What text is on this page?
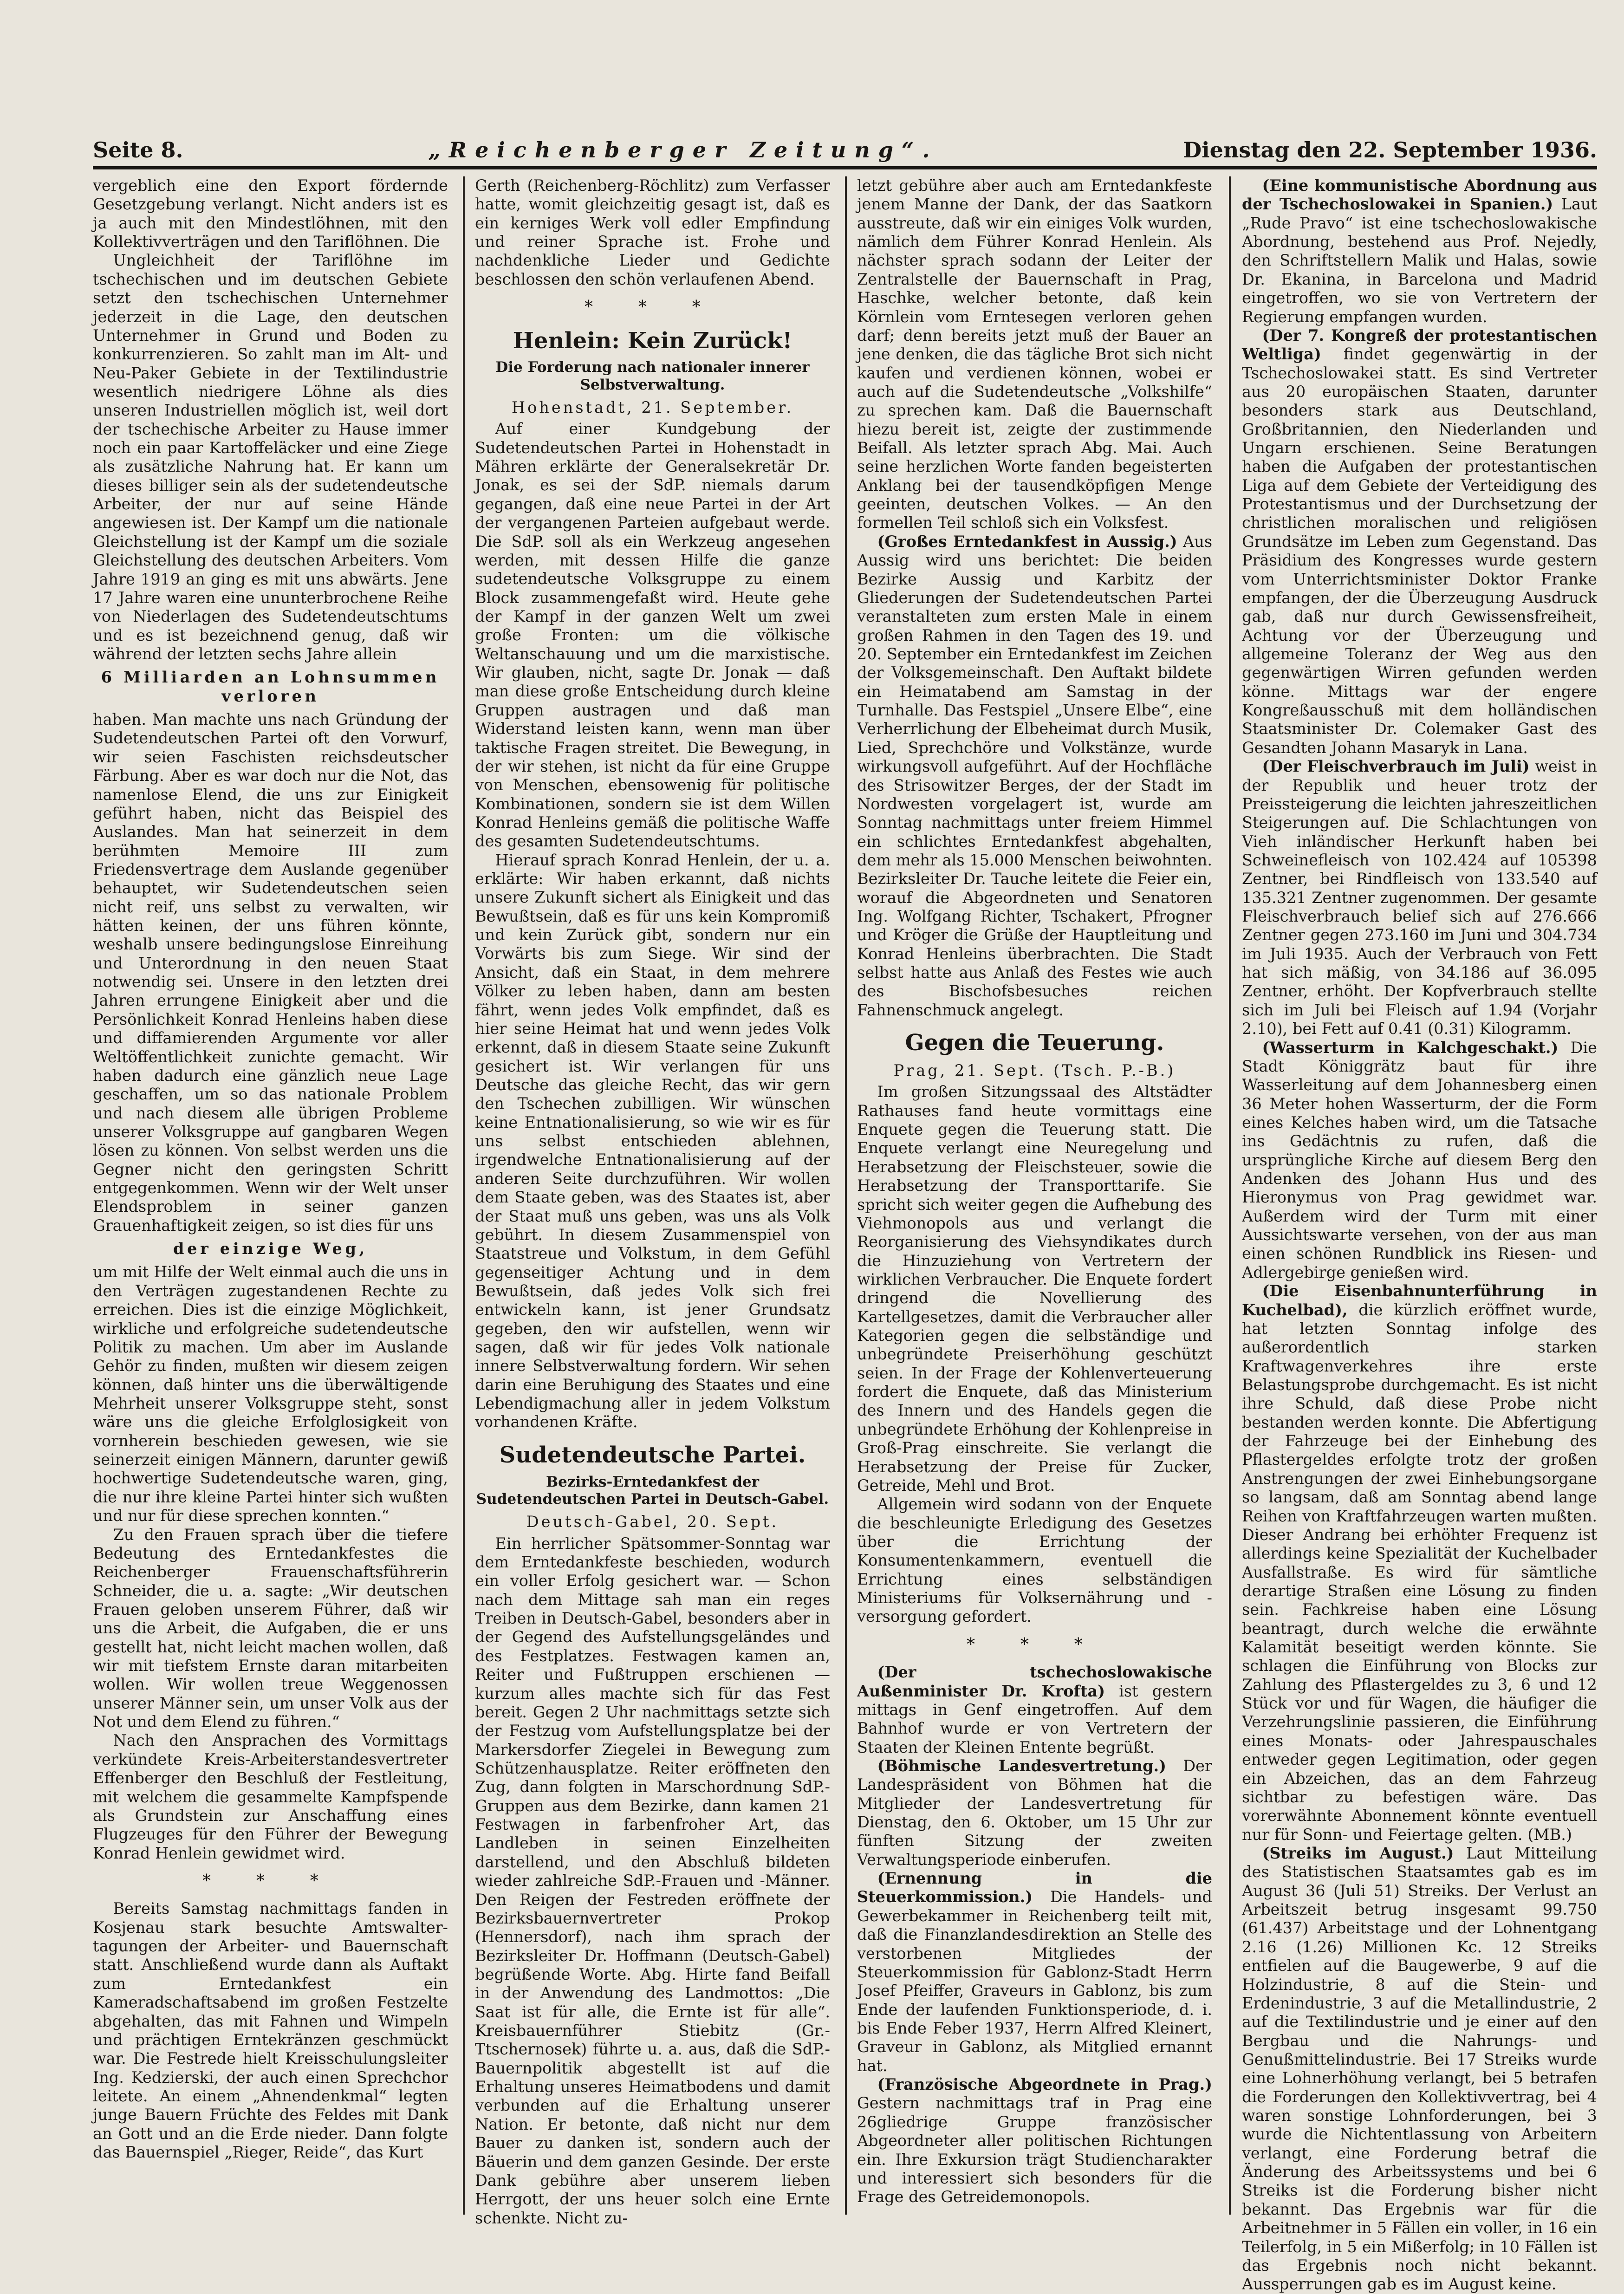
Seite 8.	„Reichenberger Zeitung“.	Dienstag den 22. September 1936.

vergeblich eine den Export fördernde Gesetzgebung verlangt. Nicht anders ist es ja auch mit den Mindestlöhnen, mit den Kollektivverträgen und den Tariflöhnen. Die

Ungleichheit der Tariflöhne im tschechischen und im deutschen Gebiete setzt den tschechischen Unternehmer jederzeit in die Lage, den deutschen Unternehmer in Grund und Boden zu konkurrenzieren. So zahlt man im Alt- und Neu-Paker Gebiete in der Textilindustrie wesentlich niedrigere Löhne als dies unseren Industriellen möglich ist, weil dort der tschechische Arbeiter zu Hause immer noch ein paar Kartoffeläcker und eine Ziege als zusätzliche Nahrung hat. Er kann um dieses billiger sein als der sudetendeutsche Arbeiter, der nur auf seine Hände angewiesen ist. Der Kampf um die nationale Gleichstellung ist der Kampf um die soziale Gleichstellung des deutschen Arbeiters. Vom Jahre 1919 an ging es mit uns abwärts. Jene 17 Jahre waren eine ununterbrochene Reihe von Niederlagen des Sudetendeutschtums und es ist bezeichnend genug, daß wir während der letzten sechs Jahre allein

6 Milliarden an Lohnsummen verloren

haben. Man machte uns nach Gründung der Sudetendeutschen Partei oft den Vorwurf, wir seien Faschisten reichsdeutscher Färbung. Aber es war doch nur die Not, das namenlose Elend, die uns zur Einigkeit geführt haben, nicht das Beispiel des Auslandes. Man hat seinerzeit in dem berühmten Memoire III zum Friedensvertrage dem Auslande gegenüber behauptet, wir Sudetendeutschen seien nicht reif, uns selbst zu verwalten, wir hätten keinen, der uns führen könnte, weshalb unsere bedingungslose Einreihung und Unterordnung in den neuen Staat notwendig sei. Unsere in den letzten drei Jahren errungene Einigkeit aber und die Persönlichkeit Konrad Henleins haben diese und diffamierenden Argumente vor aller Weltöffentlichkeit zunichte gemacht. Wir haben dadurch eine gänzlich neue Lage geschaffen, um so das nationale Problem und nach diesem alle übrigen Probleme unserer Volksgruppe auf gangbaren Wegen lösen zu können. Von selbst werden uns die Gegner nicht den geringsten Schritt entgegenkommen. Wenn wir der Welt unser Elendsproblem in seiner ganzen Grauenhaftigkeit zeigen, so ist dies für uns

der einzige Weg,

um mit Hilfe der Welt einmal auch die uns in den Verträgen zugestandenen Rechte zu erreichen. Dies ist die einzige Möglichkeit, wirkliche und erfolgreiche sudetendeutsche Politik zu machen. Um aber im Auslande Gehör zu finden, mußten wir diesem zeigen können, daß hinter uns die überwältigende Mehrheit unserer Volksgruppe steht, sonst wäre uns die gleiche Erfolglosigkeit von vornherein beschieden gewesen, wie sie seinerzeit einigen Männern, darunter gewiß hochwertige Sudetendeutsche waren, ging, die nur ihre kleine Partei hinter sich wußten und nur für diese sprechen konnten.“

Zu den Frauen sprach über die tiefere Bedeutung des Erntedankfestes die Reichenberger Frauenschaftsführerin Schneider, die u. a. sagte: „Wir deutschen Frauen geloben unserem Führer, daß wir uns die Arbeit, die Aufgaben, die er uns gestellt hat, nicht leicht machen wollen, daß wir mit tiefstem Ernste daran mitarbeiten wollen. Wir wollen treue Weggenossen unserer Männer sein, um unser Volk aus der Not und dem Elend zu führen.“

Nach den Ansprachen des Vormittags verkündete Kreis-Arbeiterstandesvertreter Effenberger den Beschluß der Festleitung, mit welchem die gesammelte Kampfspende als Grundstein zur Anschaffung eines Flugzeuges für den Führer der Bewegung Konrad Henlein gewidmet wird.

* * *

Bereits Samstag nachmittags fanden in Kosjenau stark besuchte Amtswalter-tagungen der Arbeiter- und Bauernschaft statt. Anschließend wurde dann als Auftakt zum Erntedankfest ein Kameradschaftsabend im großen Festzelte abgehalten, das mit Fahnen und Wimpeln und prächtigen Erntekränzen geschmückt war. Die Festrede hielt Kreisschulungsleiter Ing. Kedzierski, der auch einen Sprechchor leitete. An einem „Ahnendenkmal“ legten junge Bauern Früchte des Feldes mit Dank an Gott und an die Erde nieder. Dann folgte das Bauernspiel „Rieger, Reide“, das Kurt

Gerth (Reichenberg-Röchlitz) zum Verfasser hatte, womit gleichzeitig gesagt ist, daß es ein kerniges Werk voll edler Empfindung und reiner Sprache ist. Frohe und nachdenkliche Lieder und Gedichte beschlossen den schön verlaufenen Abend.

* * *

Henlein: Kein Zurück!

Die Forderung nach nationaler innerer Selbstverwaltung.

Hohenstadt, 21. September.

Auf einer Kundgebung der Sudetendeutschen Partei in Hohenstadt in Mähren erklärte der Generalsekretär Dr. Jonak, es sei der SdP. niemals darum gegangen, daß eine neue Partei in der Art der vergangenen Parteien aufgebaut werde. Die SdP. soll als ein Werkzeug angesehen werden, mit dessen Hilfe die ganze sudetendeutsche Volksgruppe zu einem Block zusammengefaßt wird. Heute gehe der Kampf in der ganzen Welt um zwei große Fronten: um die völkische Weltanschauung und um die marxistische. Wir glauben, nicht, sagte Dr. Jonak — daß man diese große Entscheidung durch kleine Gruppen austragen und daß man Widerstand leisten kann, wenn man über taktische Fragen streitet. Die Bewegung, in der wir stehen, ist nicht da für eine Gruppe von Menschen, ebensowenig für politische Kombinationen, sondern sie ist dem Willen Konrad Henleins gemäß die politische Waffe des gesamten Sudetendeutschtums.

Hierauf sprach Konrad Henlein, der u. a. erklärte: Wir haben erkannt, daß nichts unsere Zukunft sichert als Einigkeit und das Bewußtsein, daß es für uns kein Kompromiß und kein Zurück gibt, sondern nur ein Vorwärts bis zum Siege. Wir sind der Ansicht, daß ein Staat, in dem mehrere Völker zu leben haben, dann am besten fährt, wenn jedes Volk empfindet, daß es hier seine Heimat hat und wenn jedes Volk erkennt, daß in diesem Staate seine Zukunft gesichert ist. Wir verlangen für uns Deutsche das gleiche Recht, das wir gern den Tschechen zubilligen. Wir wünschen keine Entnationalisierung, so wie wir es für uns selbst entschieden ablehnen, irgendwelche Entnationalisierung auf der anderen Seite durchzuführen. Wir wollen dem Staate geben, was des Staates ist, aber der Staat muß uns geben, was uns als Volk gebührt. In diesem Zusammenspiel von Staatstreue und Volkstum, in dem Gefühl gegenseitiger Achtung und in dem Bewußtsein, daß jedes Volk sich frei entwickeln kann, ist jener Grundsatz gegeben, den wir aufstellen, wenn wir sagen, daß wir für jedes Volk nationale innere Selbstverwaltung fordern. Wir sehen darin eine Beruhigung des Staates und eine Lebendigmachung aller in jedem Volkstum vorhandenen Kräfte.

Sudetendeutsche Partei.

Bezirks-Erntedankfest der Sudetendeutschen Partei in Deutsch-Gabel.

Deutsch-Gabel, 20. Sept.

Ein herrlicher Spätsommer-Sonntag war dem Erntedankfeste beschieden, wodurch ein voller Erfolg gesichert war. — Schon nach dem Mittage sah man ein reges Treiben in Deutsch-Gabel, besonders aber in der Gegend des Aufstellungsgeländes und des Festplatzes. Festwagen kamen an, Reiter und Fußtruppen erschienen — kurzum alles machte sich für das Fest bereit. Gegen 2 Uhr nachmittags setzte sich der Festzug vom Aufstellungsplatze bei der Markersdorfer Ziegelei in Bewegung zum Schützenhausplatze. Reiter eröffneten den Zug, dann folgten in Marschordnung SdP.-Gruppen aus dem Bezirke, dann kamen 21 Festwagen in farbenfroher Art, das Landleben in seinen Einzelheiten darstellend, und den Abschluß bildeten wieder zahlreiche SdP.-Frauen und -Männer. Den Reigen der Festreden eröffnete der Bezirksbauernvertreter Prokop (Hennersdorf), nach ihm sprach der Bezirksleiter Dr. Hoffmann (Deutsch-Gabel) begrüßende Worte. Abg. Hirte fand Beifall in der Anwendung des Landmottos: „Die Saat ist für alle, die Ernte ist für alle“. Kreisbauernführer Stiebitz (Gr.-Ttschernosek) führte u. a. aus, daß die SdP.-Bauernpolitik abgestellt ist auf die Erhaltung unseres Heimatbodens und damit verbunden auf die Erhaltung unserer Nation. Er betonte, daß nicht nur dem Bauer zu danken ist, sondern auch der Bäuerin und dem ganzen Gesinde. Der erste Dank gebühre aber unserem lieben Herrgott, der uns heuer solch eine Ernte schenkte. Nicht zu-

letzt gebühre aber auch am Erntedankfeste jenem Manne der Dank, der das Saatkorn ausstreute, daß wir ein einiges Volk wurden, nämlich dem Führer Konrad Henlein. Als nächster sprach sodann der Leiter der Zentralstelle der Bauernschaft in Prag, Haschke, welcher betonte, daß kein Körnlein vom Erntesegen verloren gehen darf; denn bereits jetzt muß der Bauer an jene denken, die das tägliche Brot sich nicht kaufen und verdienen können, wobei er auch auf die Sudetendeutsche „Volkshilfe“ zu sprechen kam. Daß die Bauernschaft hiezu bereit ist, zeigte der zustimmende Beifall. Als letzter sprach Abg. Mai. Auch seine herzlichen Worte fanden begeisterten Anklang bei der tausendköpfigen Menge geeinten, deutschen Volkes. — An den formellen Teil schloß sich ein Volksfest.

(Großes Erntedankfest in Aussig.) Aus Aussig wird uns berichtet: Die beiden Bezirke Aussig und Karbitz der Gliederungen der Sudetendeutschen Partei veranstalteten zum ersten Male in einem großen Rahmen in den Tagen des 19. und 20. September ein Erntedankfest im Zeichen der Volksgemeinschaft. Den Auftakt bildete ein Heimatabend am Samstag in der Turnhalle. Das Festspiel „Unsere Elbe“, eine Verherrlichung der Elbeheimat durch Musik, Lied, Sprechchöre und Volkstänze, wurde wirkungsvoll aufgeführt. Auf der Hochfläche des Strisowitzer Berges, der der Stadt im Nordwesten vorgelagert ist, wurde am Sonntag nachmittags unter freiem Himmel ein schlichtes Erntedankfest abgehalten, dem mehr als 15.000 Menschen beiwohnten. Bezirksleiter Dr. Tauche leitete die Feier ein, worauf die Abgeordneten und Senatoren Ing. Wolfgang Richter, Tschakert, Pfrogner und Kröger die Grüße der Hauptleitung und Konrad Henleins überbrachten. Die Stadt selbst hatte aus Anlaß des Festes wie auch des Bischofsbesuches reichen Fahnenschmuck angelegt.

Gegen die Teuerung.

Prag, 21. Sept. (Tsch. P.-B.)

Im großen Sitzungssaal des Altstädter Rathauses fand heute vormittags eine Enquete gegen die Teuerung statt. Die Enquete verlangt eine Neuregelung und Herabsetzung der Fleischsteuer, sowie die Herabsetzung der Transporttarife. Sie spricht sich weiter gegen die Aufhebung des Viehmonopols aus und verlangt die Reorganisierung des Viehsyndikates durch die Hinzuziehung von Vertretern der wirklichen Verbraucher. Die Enquete fordert dringend die Novellierung des Kartellgesetzes, damit die Verbraucher aller Kategorien gegen die selbständige und unbegründete Preiserhöhung geschützt seien. In der Frage der Kohlenverteuerung fordert die Enquete, daß das Ministerium des Innern und des Handels gegen die unbegründete Erhöhung der Kohlenpreise in Groß-Prag einschreite. Sie verlangt die Herabsetzung der Preise für Zucker, Getreide, Mehl und Brot.

Allgemein wird sodann von der Enquete die beschleunigte Erledigung des Gesetzes über die Errichtung der Konsumentenkammern, eventuell die Errichtung eines selbständigen Ministeriums für Volksernährung und -versorgung gefordert.

* * *

(Der tschechoslowakische Außenminister Dr. Krofta) ist gestern mittags in Genf eingetroffen. Auf dem Bahnhof wurde er von Vertretern der Staaten der Kleinen Entente begrüßt.

(Böhmische Landesvertretung.) Der Landespräsident von Böhmen hat die Mitglieder der Landesvertretung für Dienstag, den 6. Oktober, um 15 Uhr zur fünften Sitzung der zweiten Verwaltungsperiode einberufen.

(Ernennung in die Steuerkommission.) Die Handels- und Gewerbekammer in Reichenberg teilt mit, daß die Finanzlandesdirektion an Stelle des verstorbenen Mitgliedes der Steuerkommission für Gablonz-Stadt Herrn Josef Pfeiffer, Graveurs in Gablonz, bis zum Ende der laufenden Funktionsperiode, d. i. bis Ende Feber 1937, Herrn Alfred Kleinert, Graveur in Gablonz, als Mitglied ernannt hat.

(Französische Abgeordnete in Prag.) Gestern nachmittags traf in Prag eine 26gliedrige Gruppe französischer Abgeordneter aller politischen Richtungen ein. Ihre Exkursion trägt Studiencharakter und interessiert sich besonders für die Frage des Getreidemonopols.

(Eine kommunistische Abordnung aus der Tschechoslowakei in Spanien.) Laut „Rude Pravo“ ist eine tschechoslowakische Abordnung, bestehend aus Prof. Nejedly, den Schriftstellern Malik und Halas, sowie Dr. Ekanina, in Barcelona und Madrid eingetroffen, wo sie von Vertretern der Regierung empfangen wurden.

(Der 7. Kongreß der protestantischen Weltliga) findet gegenwärtig in der Tschechoslowakei statt. Es sind Vertreter aus 20 europäischen Staaten, darunter besonders stark aus Deutschland, Großbritannien, den Niederlanden und Ungarn erschienen. Seine Beratungen haben die Aufgaben der protestantischen Liga auf dem Gebiete der Verteidigung des Protestantismus und der Durchsetzung der christlichen moralischen und religiösen Grundsätze im Leben zum Gegenstand. Das Präsidium des Kongresses wurde gestern vom Unterrichtsminister Doktor Franke empfangen, der die Überzeugung Ausdruck gab, daß nur durch Gewissensfreiheit, Achtung vor der Überzeugung und allgemeine Toleranz der Weg aus den gegenwärtigen Wirren gefunden werden könne. Mittags war der engere Kongreßausschuß mit dem holländischen Staatsminister Dr. Colemaker Gast des Gesandten Johann Masaryk in Lana.

(Der Fleischverbrauch im Juli) weist in der Republik und heuer trotz der Preissteigerung die leichten jahreszeitlichen Steigerungen auf. Die Schlachtungen von Vieh inländischer Herkunft haben bei Schweinefleisch von 102.424 auf 105398 Zentner, bei Rindfleisch von 133.540 auf 135.321 Zentner zugenommen. Der gesamte Fleischverbrauch belief sich auf 276.666 Zentner gegen 273.160 im Juni und 304.734 im Juli 1935. Auch der Verbrauch von Fett hat sich mäßig, von 34.186 auf 36.095 Zentner, erhöht. Der Kopfverbrauch stellte sich im Juli bei Fleisch auf 1.94 (Vorjahr 2.10), bei Fett auf 0.41 (0.31) Kilogramm.

(Wasserturm in Kalchgeschakt.) Die Stadt Königgrätz baut für ihre Wasserleitung auf dem Johannesberg einen 36 Meter hohen Wasserturm, der die Form eines Kelches haben wird, um die Tatsache ins Gedächtnis zu rufen, daß die ursprüngliche Kirche auf diesem Berg den Andenken des Johann Hus und des Hieronymus von Prag gewidmet war. Außerdem wird der Turm mit einer Aussichtswarte versehen, von der aus man einen schönen Rundblick ins Riesen- und Adlergebirge genießen wird.

(Die Eisenbahnunterführung in Kuchelbad), die kürzlich eröffnet wurde, hat letzten Sonntag infolge des außerordentlich starken Kraftwagenverkehres ihre erste Belastungsprobe durchgemacht. Es ist nicht ihre Schuld, daß diese Probe nicht bestanden werden konnte. Die Abfertigung der Fahrzeuge bei der Einhebung des Pflastergeldes erfolgte trotz der großen Anstrengungen der zwei Einhebungsorgane so langsam, daß am Sonntag abend lange Reihen von Kraftfahrzeugen warten mußten. Dieser Andrang bei erhöhter Frequenz ist allerdings keine Spezialität der Kuchelbader Ausfallstraße. Es wird für sämtliche derartige Straßen eine Lösung zu finden sein. Fachkreise haben eine Lösung beantragt, durch welche die erwähnte Kalamität beseitigt werden könnte. Sie schlagen die Einführung von Blocks zur Zahlung des Pflastergeldes zu 3, 6 und 12 Stück vor und für Wagen, die häufiger die Verzehrungslinie passieren, die Einführung eines Monats- oder Jahrespauschales entweder gegen Legitimation, oder gegen ein Abzeichen, das an dem Fahrzeug sichtbar zu befestigen wäre. Das vorerwähnte Abonnement könnte eventuell nur für Sonn- und Feiertage gelten. (MB.)

(Streiks im August.) Laut Mitteilung des Statistischen Staatsamtes gab es im August 36 (Juli 51) Streiks. Der Verlust an Arbeitszeit betrug insgesamt 99.750 (61.437) Arbeitstage und der Lohnentgang 2.16 (1.26) Millionen Kc. 12 Streiks entfielen auf die Baugewerbe, 9 auf die Holzindustrie, 8 auf die Stein- und Erdenindustrie, 3 auf die Metallindustrie, 2 auf die Textilindustrie und je einer auf den Bergbau und die Nahrungs- und Genußmittelindustrie. Bei 17 Streiks wurde eine Lohnerhöhung verlangt, bei 5 betrafen die Forderungen den Kollektivvertrag, bei 4 waren sonstige Lohnforderungen, bei 3 wurde die Nichtentlassung von Arbeitern verlangt, eine Forderung betraf die Änderung des Arbeitssystems und bei 6 Streiks ist die Forderung bisher nicht bekannt. Das Ergebnis war für die Arbeitnehmer in 5 Fällen ein voller, in 16 ein Teilerfolg, in 5 ein Mißerfolg; in 10 Fällen ist das Ergebnis noch nicht bekannt. Aussperrungen gab es im August keine.
